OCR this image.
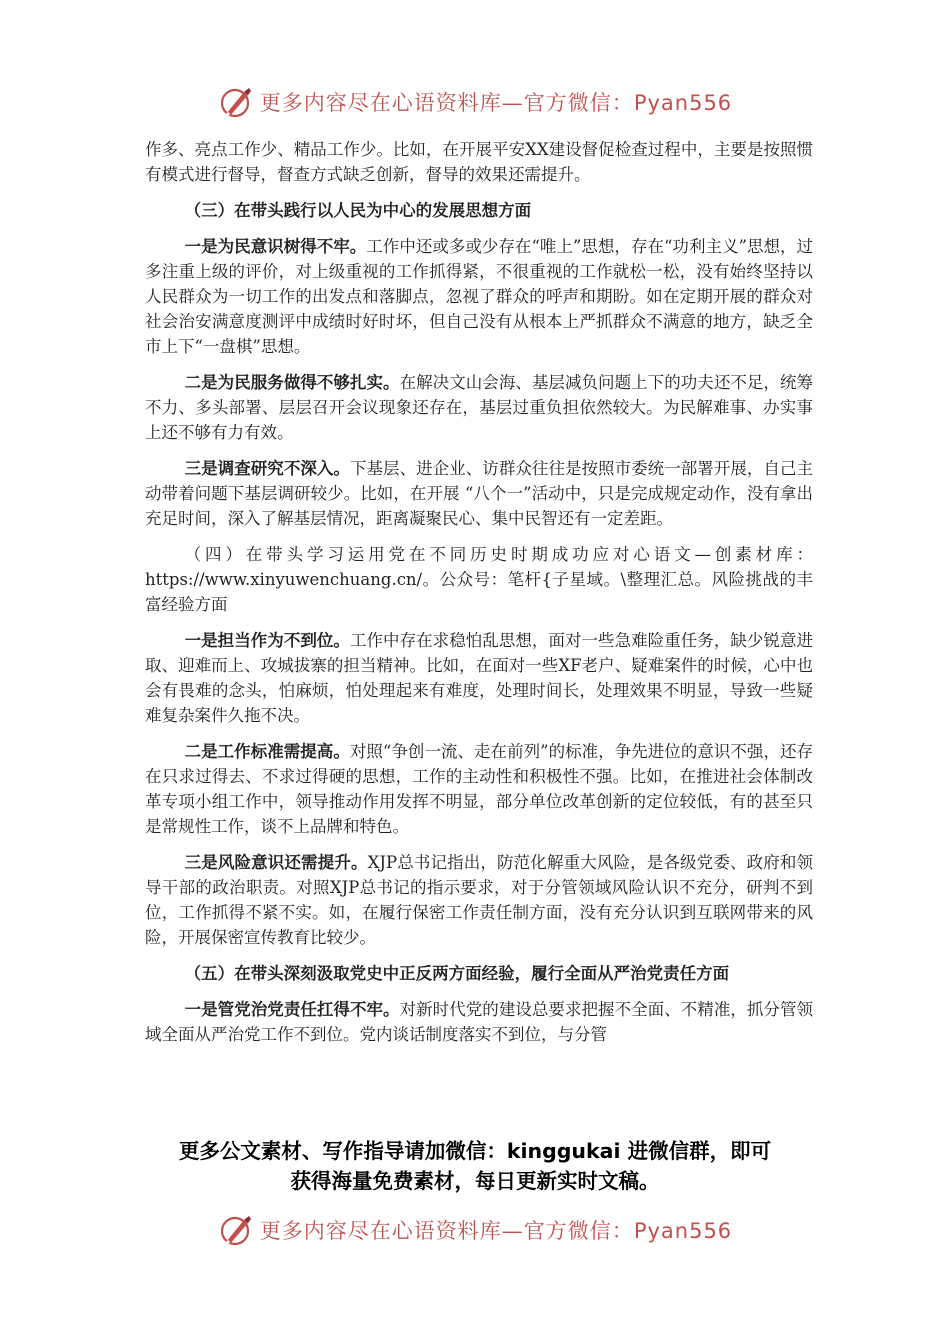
更多内容尽在心语资料库—官方微信：Pyan556

作多、亮点工作少、精品工作少。比如，在开展平安XX建设督促检查过程中，主要是按照惯有模式进行督导，督查方式缺乏创新，督导的效果还需提升。

（三）在带头践行以人民为中心的发展思想方面

一是为民意识树得不牢。工作中还或多或少存在“唯上”思想，存在“功利主义”思想，过多注重上级的评价，对上级重视的工作抓得紧，不很重视的工作就松一松，没有始终坚持以人民群众为一切工作的出发点和落脚点，忽视了群众的呼声和期盼。如在定期开展的群众对社会治安满意度测评中成绩时好时坏，但自己没有从根本上严抓群众不满意的地方，缺乏全市上下“一盘棋”思想。

二是为民服务做得不够扎实。在解决文山会海、基层减负问题上下的功夫还不足，统筹不力、多头部署、层层召开会议现象还存在，基层过重负担依然较大。为民解难事、办实事上还不够有力有效。

三是调查研究不深入。下基层、进企业、访群众往往是按照市委统一部署开展，自己主动带着问题下基层调研较少。比如，在开展 “八个一”活动中，只是完成规定动作，没有拿出充足时间，深入了解基层情况，距离凝聚民心、集中民智还有一定差距。

（四）在带头学习运用党在不同历史时期成功应对心语文—创素材库：https://www.xinyuwenchuang.cn/。公众号：笔杆{子星域。\整理汇总。风险挑战的丰富经验方面

一是担当作为不到位。工作中存在求稳怕乱思想，面对一些急难险重任务，缺少锐意进取、迎难而上、攻城拔寨的担当精神。比如，在面对一些XF老户、疑难案件的时候，心中也会有畏难的念头，怕麻烦，怕处理起来有难度，处理时间长，处理效果不明显，导致一些疑难复杂案件久拖不决。

二是工作标准需提高。对照“争创一流、走在前列”的标准，争先进位的意识不强，还存在只求过得去、不求过得硬的思想，工作的主动性和积极性不强。比如，在推进社会体制改革专项小组工作中，领导推动作用发挥不明显，部分单位改革创新的定位较低，有的甚至只是常规性工作，谈不上品牌和特色。

三是风险意识还需提升。XJP总书记指出，防范化解重大风险，是各级党委、政府和领导干部的政治职责。对照XJP总书记的指示要求，对于分管领域风险认识不充分，研判不到位，工作抓得不紧不实。如，在履行保密工作责任制方面，没有充分认识到互联网带来的风险，开展保密宣传教育比较少。

（五）在带头深刻汲取党史中正反两方面经验，履行全面从严治党责任方面

一是管党治党责任扛得不牢。对新时代党的建设总要求把握不全面、不精准，抓分管领域全面从严治党工作不到位。党内谈话制度落实不到位，与分管

更多公文素材、写作指导请加微信：kinggukai 进微信群，即可
获得海量免费素材，每日更新实时文稿。
更多内容尽在心语资料库—官方微信：Pyan556
